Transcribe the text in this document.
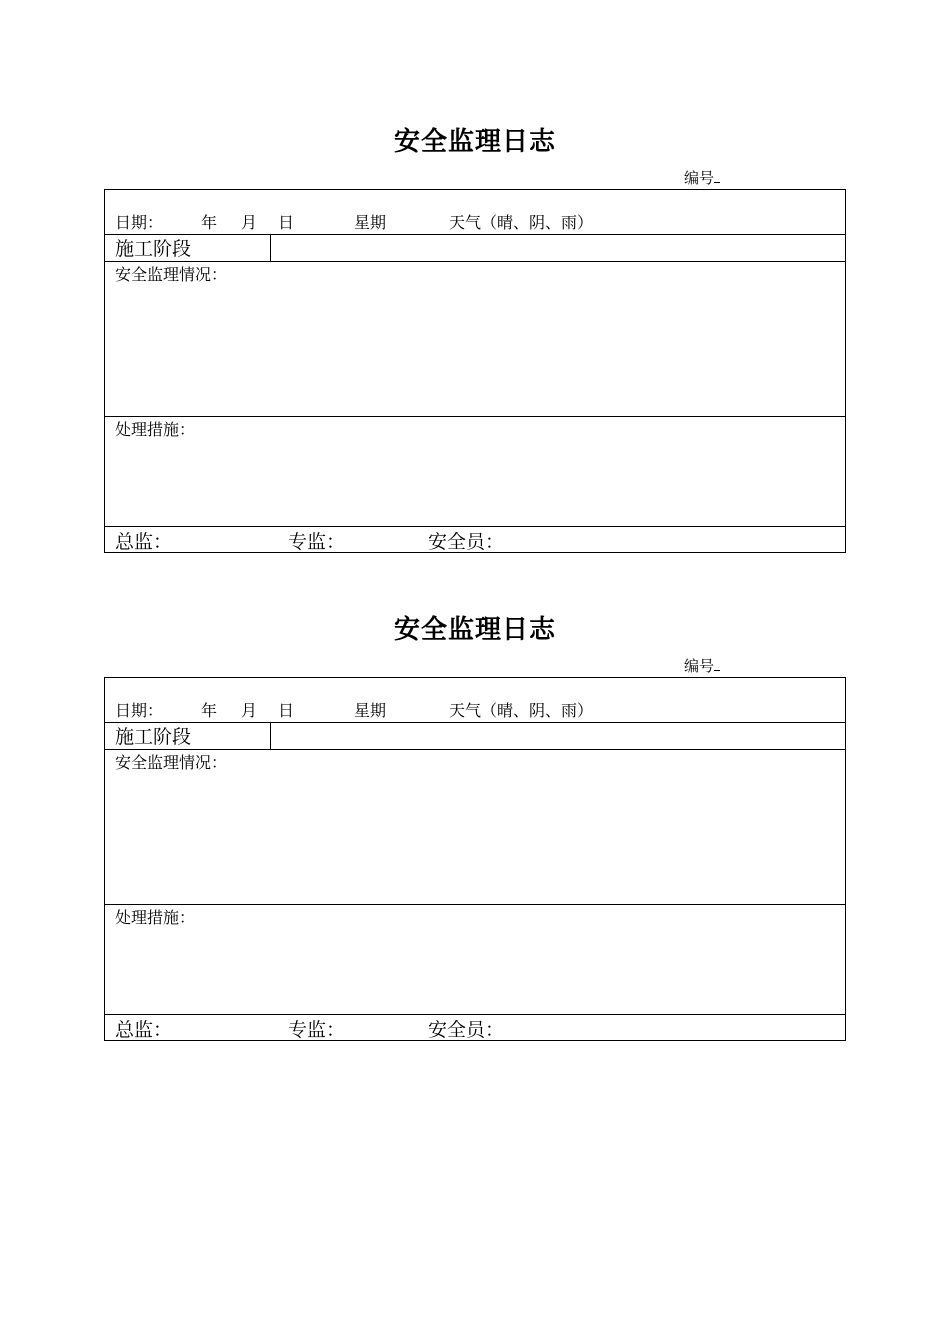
安全监理日志
编号
日期： 年 月 日	星期	天气（晴、阴、雨）
施工阶段
安全监理情况：
处理措施：
总监：	专监：	安全员：
安全监理日志
编号
日期： 年 月 日	星期	天气（晴、阴、雨）
施工阶段
安全监理情况：
处理措施：
总监：	专监：	安全员：
